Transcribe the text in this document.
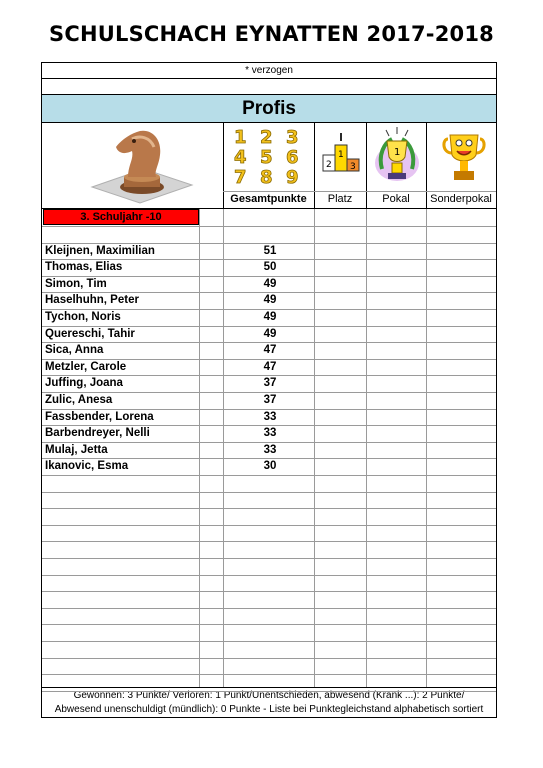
SCHULSCHACH EYNATTEN 2017-2018
* verzogen
Profis
1 2 3
4 5 6
7 8 9
2
1
3
1
Gesamtpunkte	Platz	Pokal	Sonderpokal
3. Schuljahr -10
Gewonnen: 3 Punkte/ Verloren: 1 Punkt/Unentschieden, abwesend (Krank ...): 2 Punkte/
Abwesend unenschuldigt (mündlich): 0 Punkte - Liste bei Punktegleichstand alphabetisch sortiert
Kleijnen, Maximilian	51
Thomas, Elias	50
Simon, Tim	49
Haselhuhn, Peter	49
Tychon, Noris	49
Quereschi, Tahir	49
Sica, Anna	47
Metzler, Carole	47
Juffing, Joana	37
Zulic, Anesa	37
Fassbender, Lorena	33
Barbendreyer, Nelli	33
Mulaj, Jetta	33
Ikanovic, Esma	30
